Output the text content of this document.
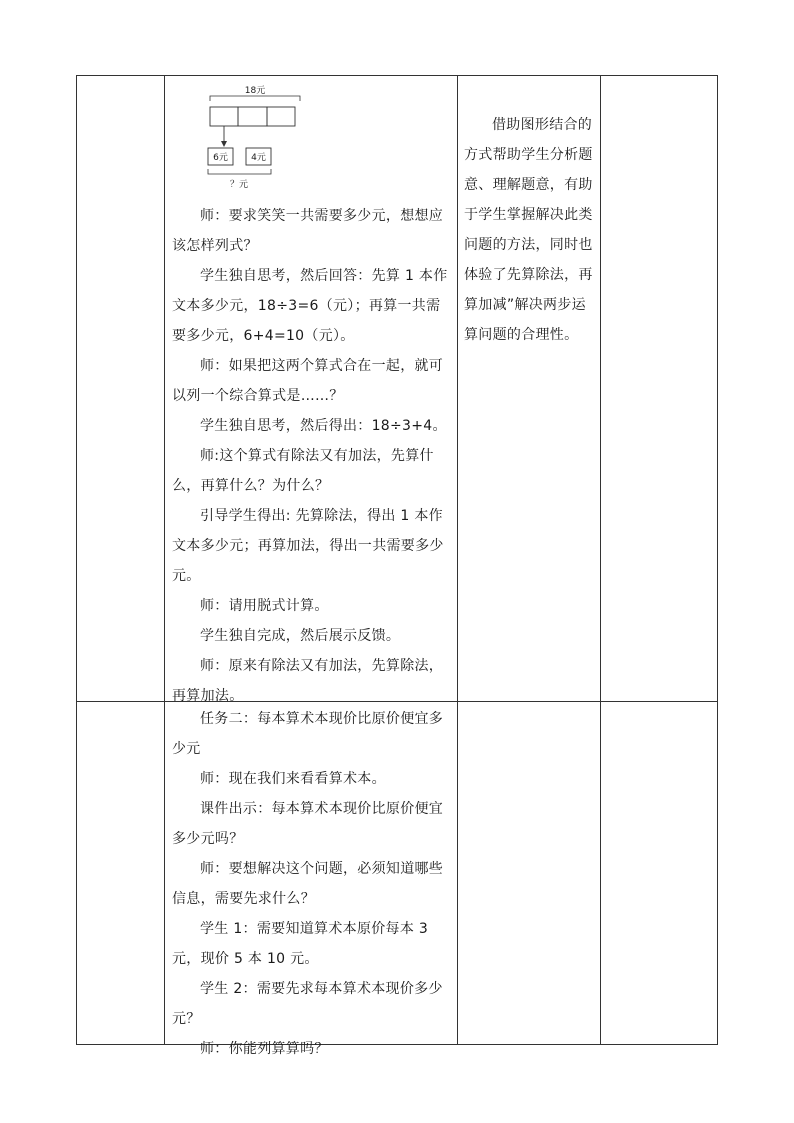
18元
6元	4元
？元

师：要求笑笑一共需要多少元，想想应该怎样列式？

学生独自思考，然后回答：先算 1 本作文本多少元，18÷3=6（元）；再算一共需要多少元，6+4=10（元）。

师：如果把这两个算式合在一起，就可以列一个综合算式是……？

学生独自思考，然后得出：18÷3+4。

师:这个算式有除法又有加法，先算什么，再算什么？为什么？

引导学生得出: 先算除法，得出 1 本作文本多少元；再算加法，得出一共需要多少元。

师：请用脱式计算。

学生独自完成，然后展示反馈。

师：原来有除法又有加法，先算除法，再算加法。

借助图形结合的方式帮助学生分析题意、理解题意，有助于学生掌握解决此类问题的方法，同时也体验了先算除法，再算加减”解决两步运算问题的合理性。

任务二：每本算术本现价比原价便宜多少元

师：现在我们来看看算术本。

课件出示：每本算术本现价比原价便宜多少元吗？

师：要想解决这个问题，必须知道哪些信息，需要先求什么？

学生 1：需要知道算术本原价每本 3 元，现价 5 本 10 元。

学生 2：需要先求每本算术本现价多少元？

师：你能列算算吗？
